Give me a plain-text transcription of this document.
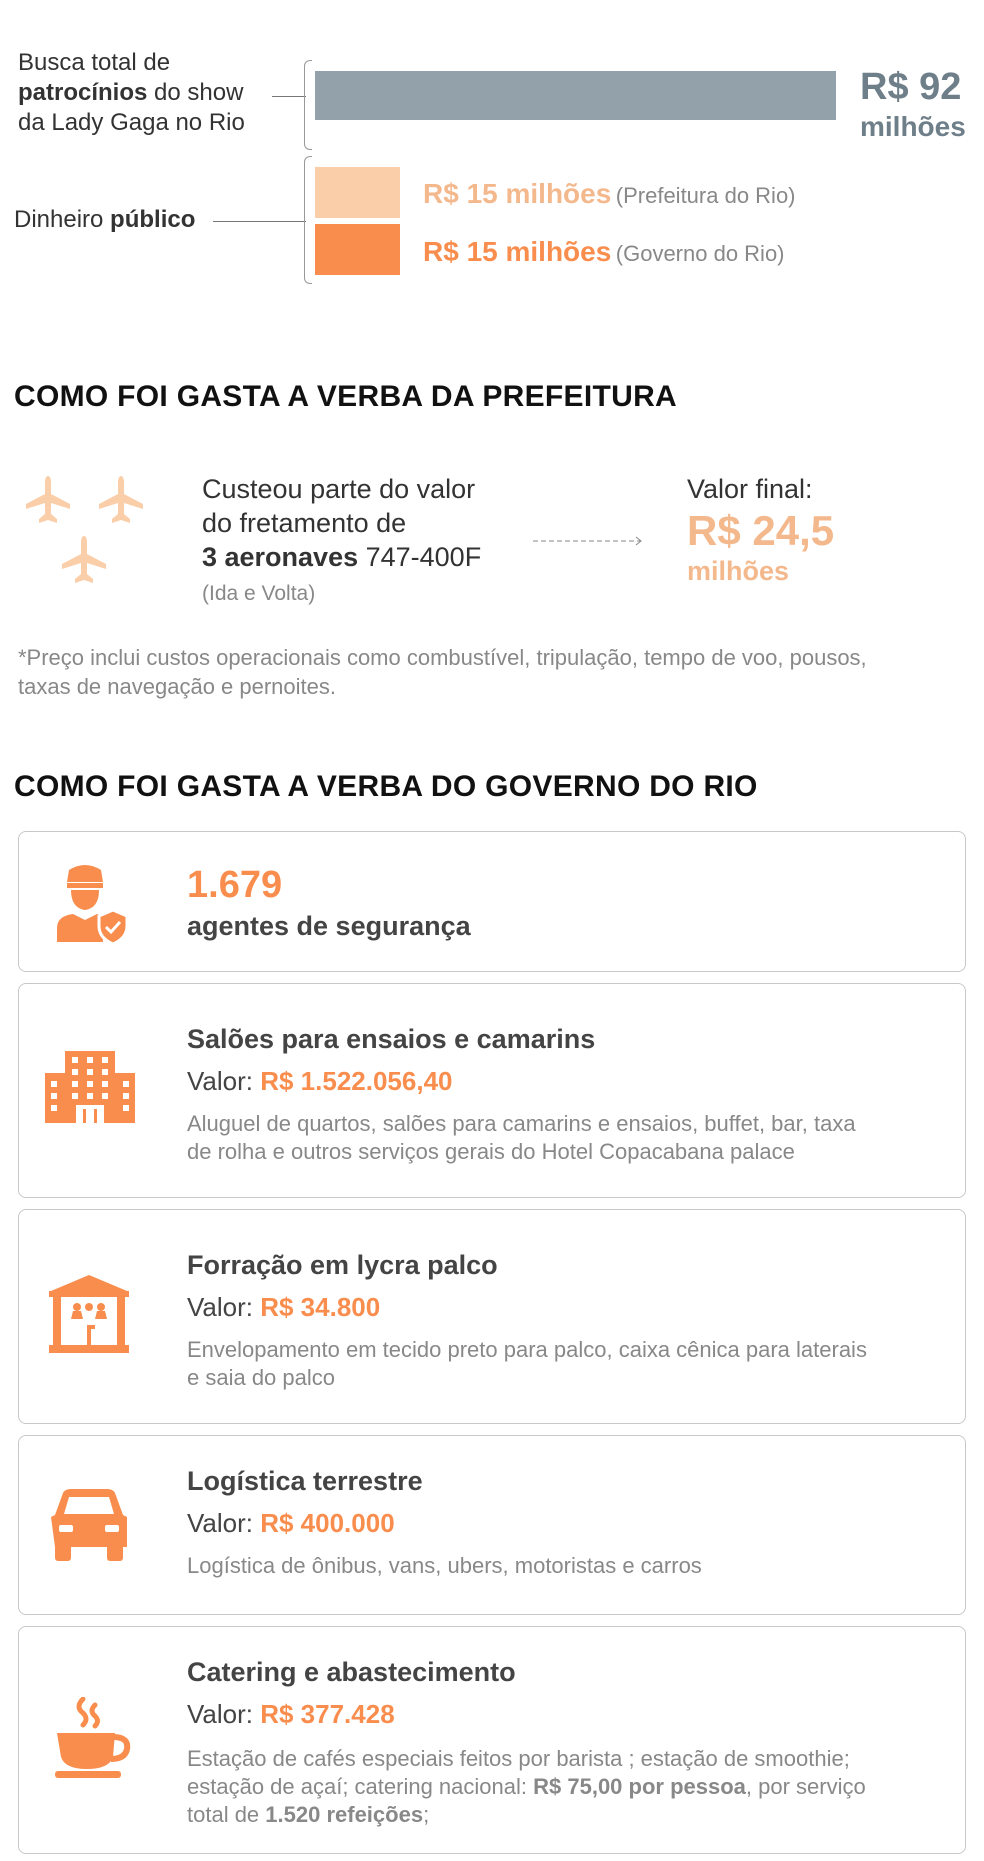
Busca total de
patrocínios do show
da Lady Gaga no Rio
R$ 92
milhões
Dinheiro público
R$ 15 milhões (Prefeitura do Rio)
R$ 15 milhões (Governo do Rio)
COMO FOI GASTA A VERBA DA PREFEITURA
Custeou parte do valor
do fretamento de
3 aeronaves 747-400F
(Ida e Volta)
Valor final:
R$ 24,5
milhões
*Preço inclui custos operacionais como combustível, tripulação, tempo de voo, pousos,
taxas de navegação e pernoites.
COMO FOI GASTA A VERBA DO GOVERNO DO RIO
1.679
agentes de segurança
Salões para ensaios e camarins
Valor: R$ 1.522.056,40
Aluguel de quartos, salões para camarins e ensaios, buffet, bar, taxa
de rolha e outros serviços gerais do Hotel Copacabana palace
Forração em lycra palco
Valor: R$ 34.800
Envelopamento em tecido preto para palco, caixa cênica para laterais
e saia do palco
Logística terrestre
Valor: R$ 400.000
Logística de ônibus, vans, ubers, motoristas e carros
Catering e abastecimento
Valor: R$ 377.428
Estação de cafés especiais feitos por barista ; estação de smoothie;
estação de açaí; catering nacional: R$ 75,00 por pessoa, por serviço
total de 1.520 refeições;
